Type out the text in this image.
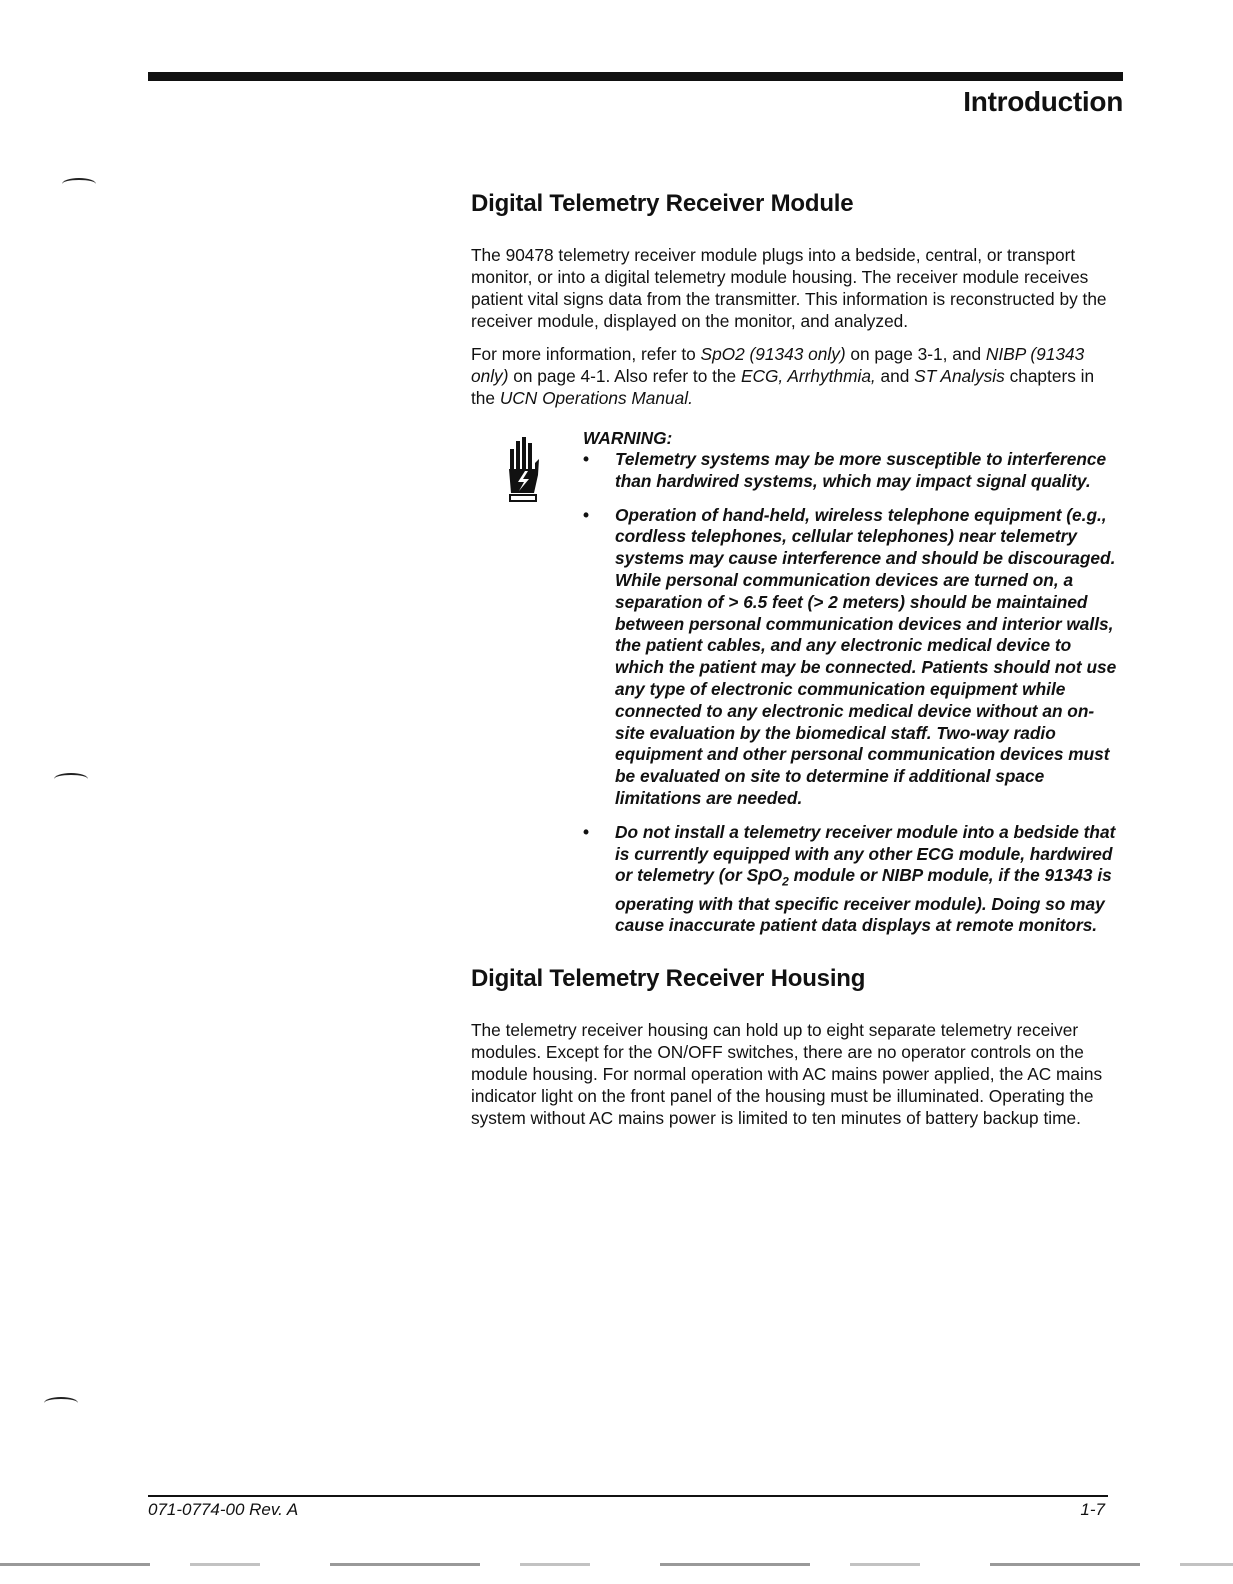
Introduction
Digital Telemetry Receiver Module

The 90478 telemetry receiver module plugs into a bedside, central, or transport monitor, or into a digital telemetry module housing. The receiver module receives patient vital signs data from the transmitter. This information is reconstructed by the receiver module, displayed on the monitor, and analyzed.

For more information, refer to SpO2 (91343 only) on page 3-1, and NIBP (91343 only) on page 4-1. Also refer to the ECG, Arrhythmia, and ST Analysis chapters in the UCN Operations Manual.

WARNING:
• Telemetry systems may be more susceptible to interference than hardwired systems, which may impact signal quality.
• Operation of hand-held, wireless telephone equipment (e.g., cordless telephones, cellular telephones) near telemetry systems may cause interference and should be discouraged. While personal communication devices are turned on, a separation of > 6.5 feet (> 2 meters) should be maintained between personal communication devices and interior walls, the patient cables, and any electronic medical device to which the patient may be connected. Patients should not use any type of electronic communication equipment while connected to any electronic medical device without an on-site evaluation by the biomedical staff. Two-way radio equipment and other personal communication devices must be evaluated on site to determine if additional space limitations are needed.
• Do not install a telemetry receiver module into a bedside that is currently equipped with any other ECG module, hardwired or telemetry (or SpO$_2$ module or NIBP module, if the 91343 is operating with that specific receiver module). Doing so may cause inaccurate patient data displays at remote monitors.
Digital Telemetry Receiver Housing

The telemetry receiver housing can hold up to eight separate telemetry receiver modules. Except for the ON/OFF switches, there are no operator controls on the module housing. For normal operation with AC mains power applied, the AC mains indicator light on the front panel of the housing must be illuminated. Operating the system without AC mains power is limited to ten minutes of battery backup time.

071-0774-00 Rev. A	1-7
